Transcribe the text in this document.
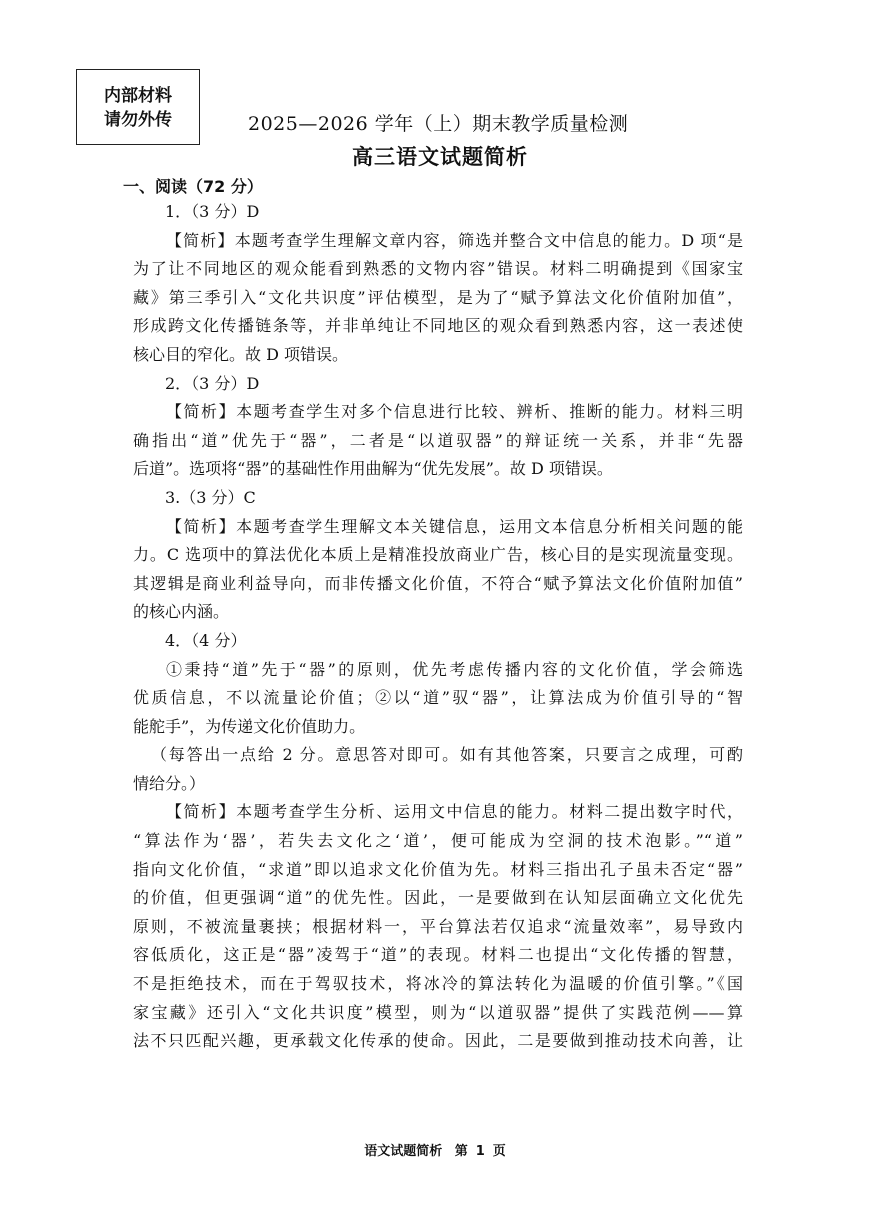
内部材料
请勿外传	2025—2026 学年（上）期末教学质量检测
高三语文试题简析
一、阅读（72 分）
1．（3 分）D
【简析】本题考查学生理解文章内容，筛选并整合文中信息的能力。D 项“是
为了让不同地区的观众能看到熟悉的文物内容”错误。材料二明确提到《国家宝
藏》第三季引入“文化共识度”评估模型，是为了“赋予算法文化价值附加值”，
形成跨文化传播链条等，并非单纯让不同地区的观众看到熟悉内容，这一表述使
核心目的窄化。故 D 项错误。
2．（3 分）D
【简析】本题考查学生对多个信息进行比较、辨析、推断的能力。材料三明
确指出“道”优先于“器”，二者是“以道驭器”的辩证统一关系，并非“先器
后道”。选项将“器”的基础性作用曲解为“优先发展”。故 D 项错误。
3.（3 分）C
【简析】本题考查学生理解文本关键信息，运用文本信息分析相关问题的能
力。C 选项中的算法优化本质上是精准投放商业广告，核心目的是实现流量变现。
其逻辑是商业利益导向，而非传播文化价值，不符合“赋予算法文化价值附加值”
的核心内涵。
4．（4 分）
①秉持“道”先于“器”的原则，优先考虑传播内容的文化价值，学会筛选
优质信息，不以流量论价值；②以“道”驭“器”，让算法成为价值引导的“智
能舵手”，为传递文化价值助力。
（每答出一点给 2 分。意思答对即可。如有其他答案，只要言之成理，可酌
情给分。）
【简析】本题考查学生分析、运用文中信息的能力。材料二提出数字时代，
“算法作为‘器’，若失去文化之‘道’，便可能成为空洞的技术泡影。”“道”
指向文化价值，“求道”即以追求文化价值为先。材料三指出孔子虽未否定“器”
的价值，但更强调“道”的优先性。因此，一是要做到在认知层面确立文化优先
原则，不被流量裹挟；根据材料一，平台算法若仅追求“流量效率”，易导致内
容低质化，这正是“器”凌驾于“道”的表现。材料二也提出“文化传播的智慧，
不是拒绝技术，而在于驾驭技术，将冰冷的算法转化为温暖的价值引擎。”《国
家宝藏》还引入“文化共识度”模型，则为“以道驭器”提供了实践范例——算
法不只匹配兴趣，更承载文化传承的使命。因此，二是要做到推动技术向善，让
语文试题简析 第 1 页
